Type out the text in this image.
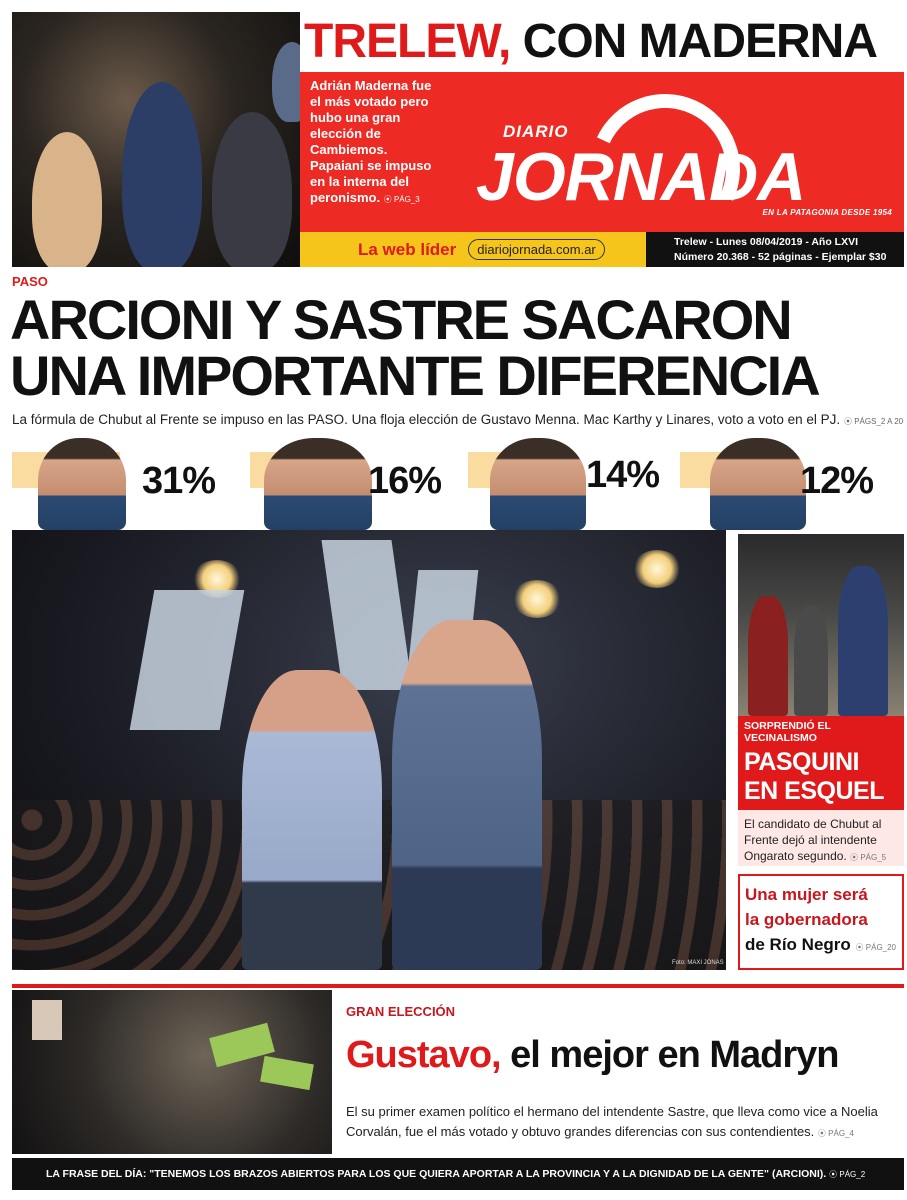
TRELEW, CON MADERNA
Adrián Maderna fue el más votado pero hubo una gran elección de Cambiemos. Papaiani se impuso en la interna del peronismo. ⦿ PÁG_3
DIARIO
JORNADA
EN LA PATAGONIA DESDE 1954
La web líder	diariojornada.com.ar	Trelew - Lunes 08/04/2019 - Año LXVI
Número 20.368 - 52 páginas - Ejemplar $30
PASO
ARCIONI Y SASTRE SACARON
UNA IMPORTANTE DIFERENCIA
La fórmula de Chubut al Frente se impuso en las PASO. Una floja elección de Gustavo Menna. Mac Karthy y Linares, voto a voto en el PJ. ⦿ PÁGS_2 A 20
31%	16%	14%	12%
Foto: MAXI JONAS
SORPRENDIÓ EL VECINALISMO
PASQUINI
EN ESQUEL
El candidato de Chubut al Frente dejó al intendente Ongarato segundo. ⦿ PÁG_5
Una mujer será
la gobernadora
de Río Negro ⦿ PÁG_20
GRAN ELECCIÓN
Gustavo, el mejor en Madryn
El su primer examen político el hermano del intendente Sastre, que lleva como vice a Noelia Corvalán, fue el más votado y obtuvo grandes diferencias con sus contendientes. ⦿ PÁG_4
LA FRASE DEL DÍA: "TENEMOS LOS BRAZOS ABIERTOS PARA LOS QUE QUIERA APORTAR A LA PROVINCIA Y A LA DIGNIDAD DE LA GENTE" (ARCIONI). ⦿ PÁG_2
